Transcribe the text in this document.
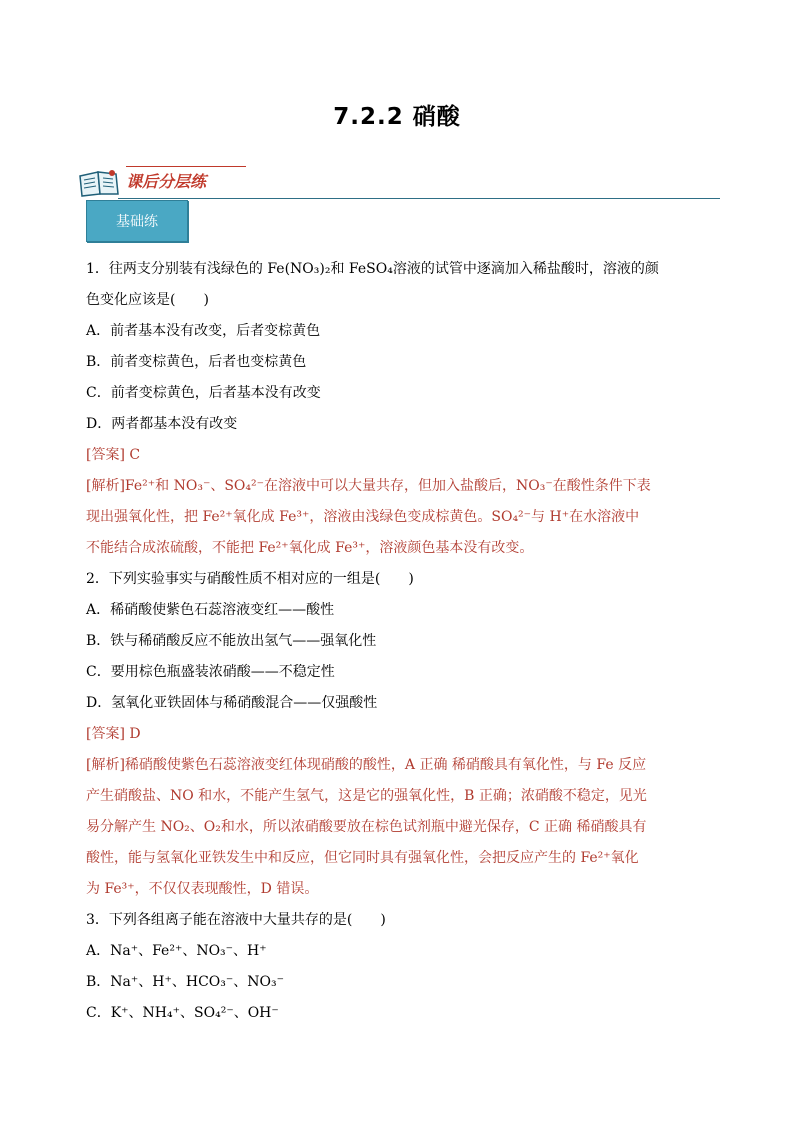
7.2.2 硝酸
课后分层练
基础练

1．往两支分别装有浅绿色的 Fe(NO₃)₂和 FeSO₄溶液的试管中逐滴加入稀盐酸时，溶液的颜

色变化应该是(　　)

A．前者基本没有改变，后者变棕黄色

B．前者变棕黄色，后者也变棕黄色

C．前者变棕黄色，后者基本没有改变

D．两者都基本没有改变

[答案] C

[解析]Fe²⁺和 NO₃⁻、SO₄²⁻在溶液中可以大量共存，但加入盐酸后，NO₃⁻在酸性条件下表

现出强氧化性，把 Fe²⁺氧化成 Fe³⁺，溶液由浅绿色变成棕黄色。SO₄²⁻与 H⁺在水溶液中

不能结合成浓硫酸，不能把 Fe²⁺氧化成 Fe³⁺，溶液颜色基本没有改变。

2．下列实验事实与硝酸性质不相对应的一组是(　　)

A．稀硝酸使紫色石蕊溶液变红——酸性

B．铁与稀硝酸反应不能放出氢气——强氧化性

C．要用棕色瓶盛装浓硝酸——不稳定性

D．氢氧化亚铁固体与稀硝酸混合——仅强酸性

[答案] D

[解析]稀硝酸使紫色石蕊溶液变红体现硝酸的酸性，A 正确 稀硝酸具有氧化性，与 Fe 反应

产生硝酸盐、NO 和水，不能产生氢气，这是它的强氧化性，B 正确；浓硝酸不稳定，见光

易分解产生 NO₂、O₂和水，所以浓硝酸要放在棕色试剂瓶中避光保存，C 正确 稀硝酸具有

酸性，能与氢氧化亚铁发生中和反应，但它同时具有强氧化性，会把反应产生的 Fe²⁺氧化

为 Fe³⁺，不仅仅表现酸性，D 错误。

3．下列各组离子能在溶液中大量共存的是(　　)

A．Na⁺、Fe²⁺、NO₃⁻、H⁺

B．Na⁺、H⁺、HCO₃⁻、NO₃⁻

C．K⁺、NH₄⁺、SO₄²⁻、OH⁻
